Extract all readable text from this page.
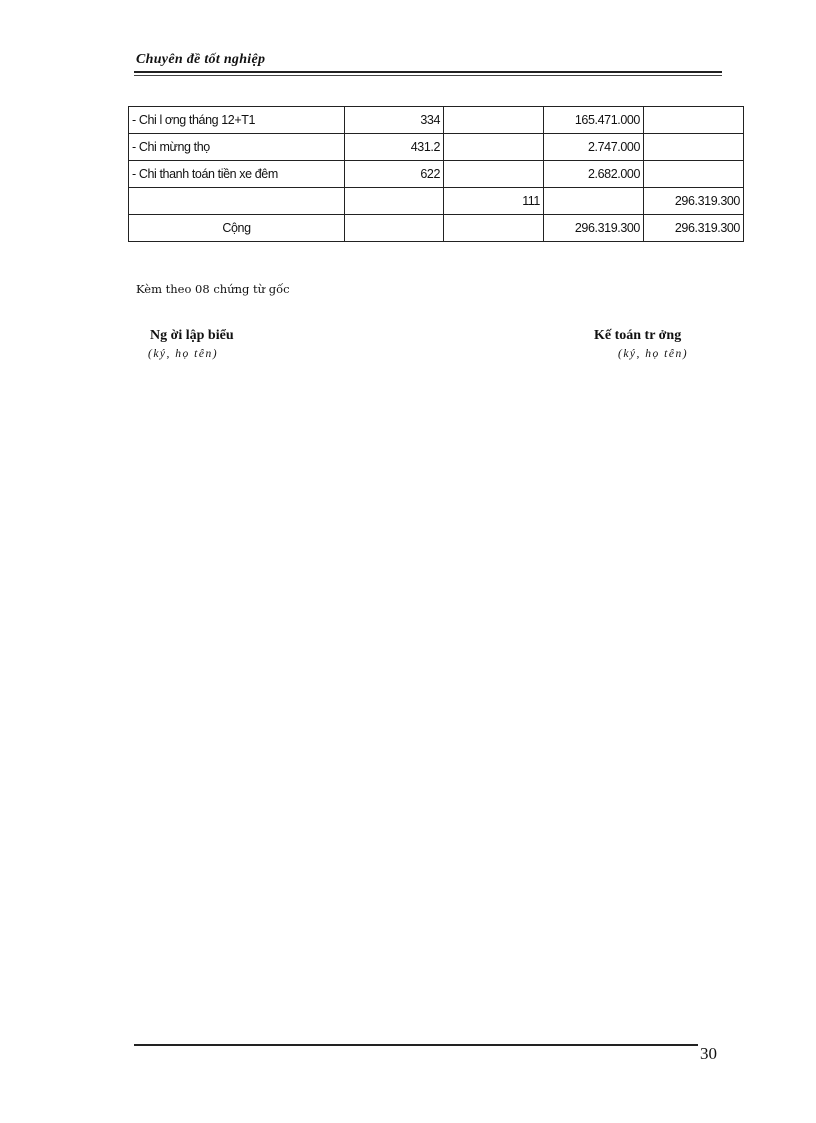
Chuyên đề tốt nghiệp
- Chi l ơng tháng 12+T1	334		165.471.000	
- Chi mừng thọ	431.2		2.747.000	
- Chi thanh toán tiền xe đêm	622		2.682.000	
		111		296.319.300
Cộng			296.319.300	296.319.300
Kèm theo 08 chứng từ gốc
Ng ời lập biểu
(ký, họ tên)
Kế toán tr ởng
(ký, họ tên)
30
